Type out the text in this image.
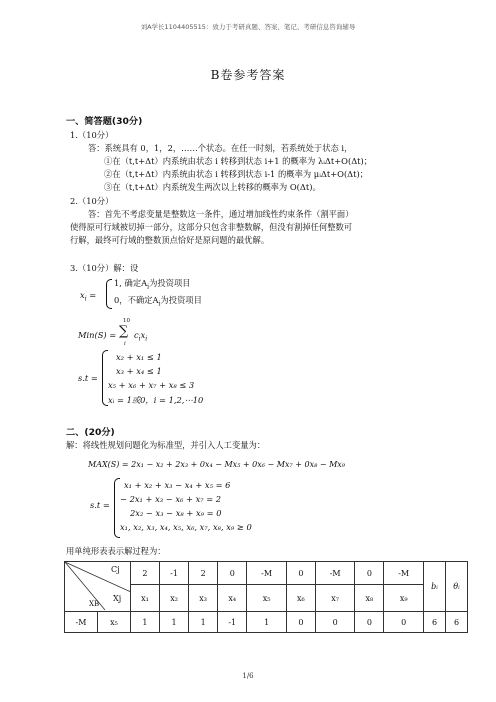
刘A学长1104405515：致力于考研真题、答案、笔记、考研信息咨询辅导
B卷参考答案
一、简答题(30分)
1.（10分）
答：系统具有 0，1，2，……个状态。在任一时刻，若系统处于状态 i，
①在（t,t+Δt）内系统由状态 i 转移到状态 i+1 的概率为 λᵢΔt+O(Δt)；
②在（t,t+Δt）内系统由状态 i 转移到状态 i-1 的概率为 μᵢΔt+O(Δt)；
③在（t,t+Δt）内系统发生两次以上转移的概率为 O(Δt)。
2.（10分）
答：首先不考虑变量是整数这一条件，通过增加线性约束条件（割平面）
使得原可行域被切掉一部分，这部分只包含非整数解，但没有割掉任何整数可
行解，最终可行域的整数顶点恰好是原问题的最优解。
3.（10分）解：设
$x_i$ =
1, 确定$A_i$为投资项目
0，不确定$A_i$为投资项目
Min(S) =
10
∑
i
$c_ix_i$
s.t =
x₂ + x₁ ≤ 1
x₃ + x₄ ≤ 1
x₅ + x₆ + x₇ + x₈ ≤ 3
xᵢ = 1或0，i = 1,2,⋯10
二、(20分)
解：将线性规划问题化为标准型，并引入人工变量为：
MAX(S) = 2x₁ − x₂ + 2x₃ + 0x₄ − Mx₅ + 0x₆ − Mx₇ + 0x₈ − Mx₉
s.t =
x₁ + x₂ + x₃ − x₄ + x₅ = 6
− 2x₁ + x₃ − x₆ + x₇ = 2
2x₂ − x₃ − x₈ + x₉ = 0
x₁, x₂, x₃, x₄, x₅, x₆, x₇, x₈, x₉ ≥ 0
用单纯形表表示解过程为：
Cj
Xj
XB		2	-1	2	0	-M	0	-M	0	-M	bᵢ	θᵢ
		x₁	x₂	x₃	x₄	x₅	x₆	x₇	x₈	x₉		
-M	x₅	1	1	1	-1	1	0	0	0	0	6	6
1/6
